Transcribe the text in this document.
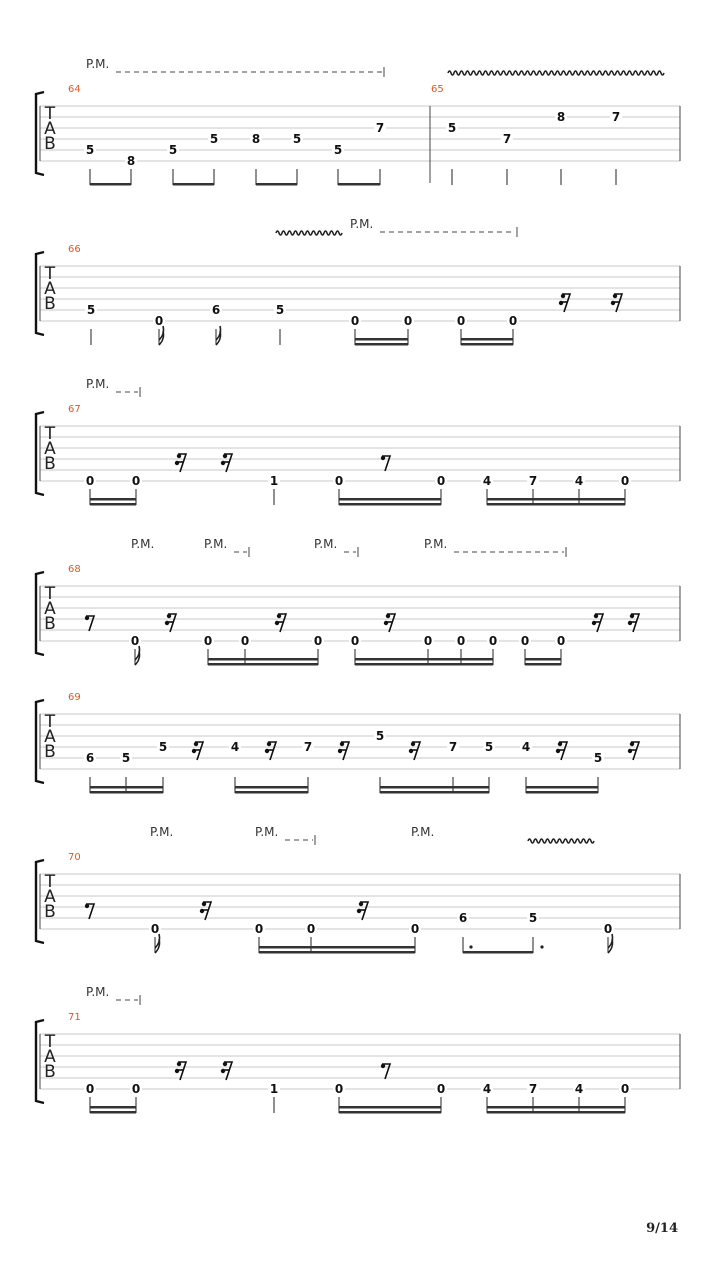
T
A
B
P.M.
64
5
8
5
5	8	5
5
7
65
5
7
8	7
T
A
B
P.M.
66
5
0
6	5
0	0	0	0
T
A
B
P.M.
67
0	0	1	0	0	4	7	4	0
T
A
B
P.M.	P.M.	P.M.	P.M.
68
0	0 0	0 0	0 0 0 0 0
T
A
B
69
6 5
5	4	7
5
7 5 4
5
T
A
B
P.M.	P.M.	P.M.
70
0	0	0	0
6	5
0
T
A
B
P.M.
71
0	0	1	0	0	4	7	4	0
9/14
